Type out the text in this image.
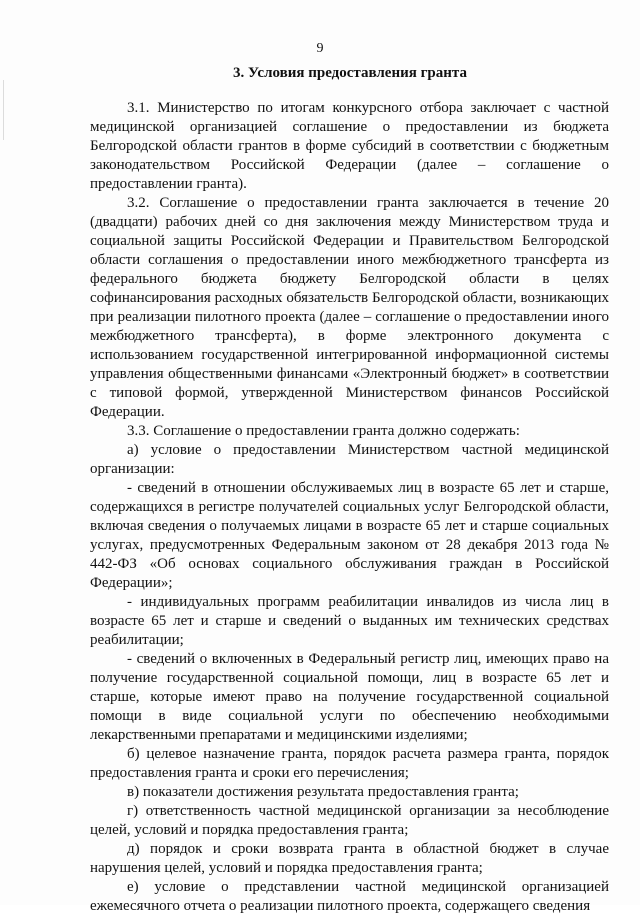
9
3. Условия предоставления гранта

3.1. Министерство по итогам конкурсного отбора заключает с частной медицинской организацией соглашение о предоставлении из бюджета Белгородской области грантов в форме субсидий в соответствии с бюджетным законодательством Российской Федерации (далее – соглашение о предоставлении гранта).

3.2. Соглашение о предоставлении гранта заключается в течение 20 (двадцати) рабочих дней со дня заключения между Министерством труда и социальной защиты Российской Федерации и Правительством Белгородской области соглашения о предоставлении иного межбюджетного трансферта из федерального бюджета бюджету Белгородской области в целях софинансирования расходных обязательств Белгородской области, возникающих при реализации пилотного проекта (далее – соглашение о предоставлении иного межбюджетного трансферта), в форме электронного документа с использованием государственной интегрированной информационной системы управления общественными финансами «Электронный бюджет» в соответствии с типовой формой, утвержденной Министерством финансов Российской Федерации.

3.3. Соглашение о предоставлении гранта должно содержать:

а) условие о предоставлении Министерством частной медицинской организации:

- сведений в отношении обслуживаемых лиц в возрасте 65 лет и старше, содержащихся в регистре получателей социальных услуг Белгородской области, включая сведения о получаемых лицами в возрасте 65 лет и старше социальных услугах, предусмотренных Федеральным законом от 28 декабря 2013 года № 442-ФЗ «Об основах социального обслуживания граждан в Российской Федерации»;

- индивидуальных программ реабилитации инвалидов из числа лиц в возрасте 65 лет и старше и сведений о выданных им технических средствах реабилитации;

- сведений о включенных в Федеральный регистр лиц, имеющих право на получение государственной социальной помощи, лиц в возрасте 65 лет и старше, которые имеют право на получение государственной социальной помощи в виде социальной услуги по обеспечению необходимыми лекарственными препаратами и медицинскими изделиями;

б) целевое назначение гранта, порядок расчета размера гранта, порядок предоставления гранта и сроки его перечисления;

в) показатели достижения результата предоставления гранта;

г) ответственность частной медицинской организации за несоблюдение целей, условий и порядка предоставления гранта;

д) порядок и сроки возврата гранта в областной бюджет в случае нарушения целей, условий и порядка предоставления гранта;

е) условие о представлении частной медицинской организацией ежемесячного отчета о реализации пилотного проекта, содержащего сведения
